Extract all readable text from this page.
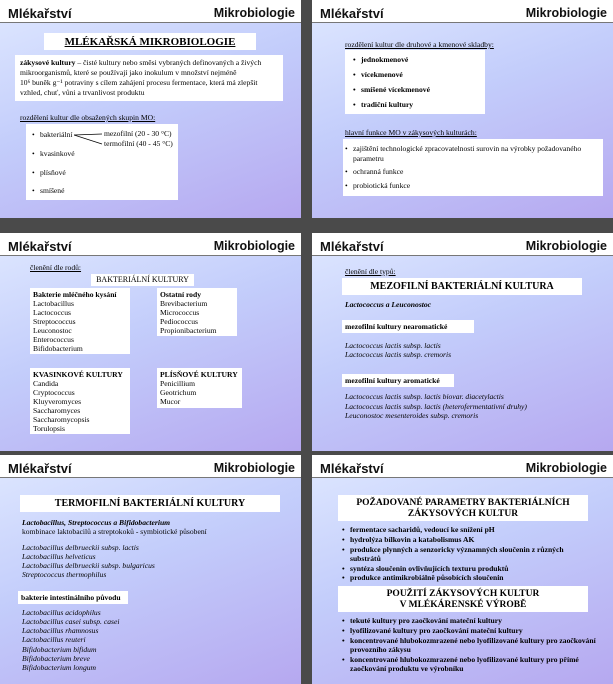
Mlékařství	Mikrobiologie
MLÉKAŘSKÁ MIKROBIOLOGIE
zákysové kultury – čisté kultury nebo směsi vybraných definovaných a živých
mikroorganismů, které se používají jako inokulum v množství nejméně
10⁶ buněk g⁻¹ potraviny s cílem zahájení procesu fermentace, která má zlepšit
vzhled, chuť, vůni a trvanlivost produktu
rozdělení kultur dle obsažených skupin MO:
• bakteriální
• kvasinkové
• plísňové
• smíšené
mezofilní (20 - 30 °C)
termofilní (40 - 45 °C)
Mlékařství	Mikrobiologie
rozdělení kultur dle druhové a kmenové skladby:
• jednokmenové
• vícekmenové
• smíšené vícekmenové
• tradiční kultury
hlavní funkce MO v zákysových kulturách:
• zajištění technologické zpracovatelnosti surovin na výrobky požadovaného
parametru
• ochranná funkce
• probiotická funkce
Mlékařství	Mikrobiologie
členění dle rodů:
BAKTERIÁLNÍ KULTURY
Bakterie mléčného kysání
Lactobacillus
Lactococcus
Streptococcus
Leuconostoc
Enterococcus
Bifidobacterium
Ostatní rody
Brevibacterium
Micrococcus
Pediococcus
Propionibacterium
KVASINKOVÉ KULTURY
Candida
Cryptococcus
Kluyveromyces
Saccharomyces
Saccharomycopsis
Torulopsis
PLÍSŇOVÉ KULTURY
Penicillium
Geotrichum
Mucor
Mlékařství	Mikrobiologie
členění dle typů:
MEZOFILNÍ BAKTERIÁLNÍ KULTURA
Lactococcus a Leuconostoc
mezofilní kultury nearomatické
Lactococcus lactis subsp. lactis
Lactococcus lactis subsp. cremoris
mezofilní kultury aromatické
Lactococcus lactis subsp. lactis biovar. diacetylactis
Lactococcus lactis subsp. lactis (heterofermentativní druhy)
Leuconostoc mesenteroides subsp. cremoris
Mlékařství	Mikrobiologie
TERMOFILNÍ BAKTERIÁLNÍ KULTURY
Lactobacillus, Streptococcus a Bifidobacterium
kombinace laktobacilů a streptokoků - symbiotické působení
Lactobacillus delbrueckii subsp. lactis
Lactobacillus helveticus
Lactobacillus delbrueckii subsp. bulgaricus
Streptococcus thermophilus
bakterie intestinálního původu
Lactobacillus acidophilus
Lactobacillus casei subsp. casei
Lactobacillus rhamnosus
Lactobacillus reuteri
Bifidobacterium bifidum
Bifidobacterium breve
Bifidobacterium longum
Mlékařství	Mikrobiologie
POŽADOVANÉ PARAMETRY BAKTERIÁLNÍCH
ZÁKYSOVÝCH KULTUR
• fermentace sacharidů, vedoucí ke snížení pH
• hydrolýza bílkovin a katabolismus AK
• produkce plynných a senzoricky významných sloučenin z různých
substrátů
• syntéza sloučenin ovlivňujících texturu produktů
• produkce antimikrobiálně působících sloučenin
POUŽITÍ ZÁKYSOVÝCH KULTUR
V MLÉKÁRENSKÉ VÝROBĚ
• tekuté kultury pro zaočkování mateční kultury
• lyofilizované kultury pro zaočkování mateční kultury
• koncentrované hlubokozmrazené nebo lyofilizované kultury pro zaočkování
provozního zákysu
• koncentrované hlubokozmrazené nebo lyofilizované kultury pro přímé
zaočkování produktu ve výrobníku
